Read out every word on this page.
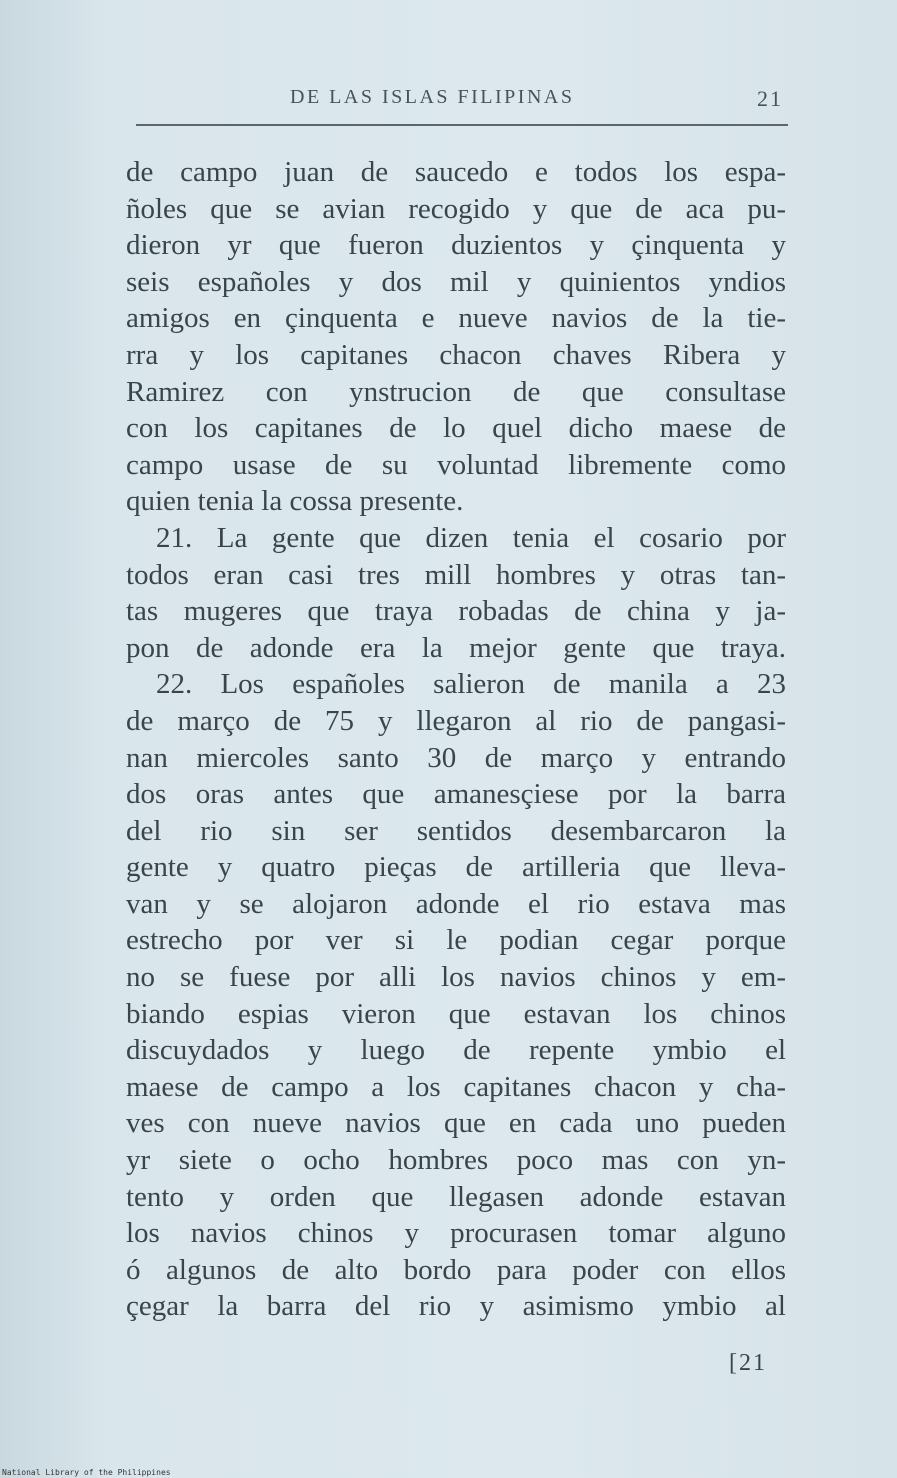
DE LAS ISLAS FILIPINAS	21
de campo juan de saucedo e todos los espa-
ñoles que se avian recogido y que de aca pu-
dieron yr que fueron duzientos y çinquenta y
seis españoles y dos mil y quinientos yndios
amigos en çinquenta e nueve navios de la tie-
rra y los capitanes chacon chaves Ribera y
Ramirez con ynstrucion de que consultase
con los capitanes de lo quel dicho maese de
campo usase de su voluntad libremente como
quien tenia la cossa presente.
21. La gente que dizen tenia el cosario por
todos eran casi tres mill hombres y otras tan-
tas mugeres que traya robadas de china y ja-
pon de adonde era la mejor gente que traya.
22. Los españoles salieron de manila a 23
de março de 75 y llegaron al rio de pangasi-
nan miercoles santo 30 de março y entrando
dos oras antes que amanesçiese por la barra
del rio sin ser sentidos desembarcaron la
gente y quatro pieças de artilleria que lleva-
van y se alojaron adonde el rio estava mas
estrecho por ver si le podian cegar porque
no se fuese por alli los navios chinos y em-
biando espias vieron que estavan los chinos
discuydados y luego de repente ymbio el
maese de campo a los capitanes chacon y cha-
ves con nueve navios que en cada uno pueden
yr siete o ocho hombres poco mas con yn-
tento y orden que llegasen adonde estavan
los navios chinos y procurasen tomar alguno
ó algunos de alto bordo para poder con ellos
çegar la barra del rio y asimismo ymbio al
[21
National Library of the Philippines
